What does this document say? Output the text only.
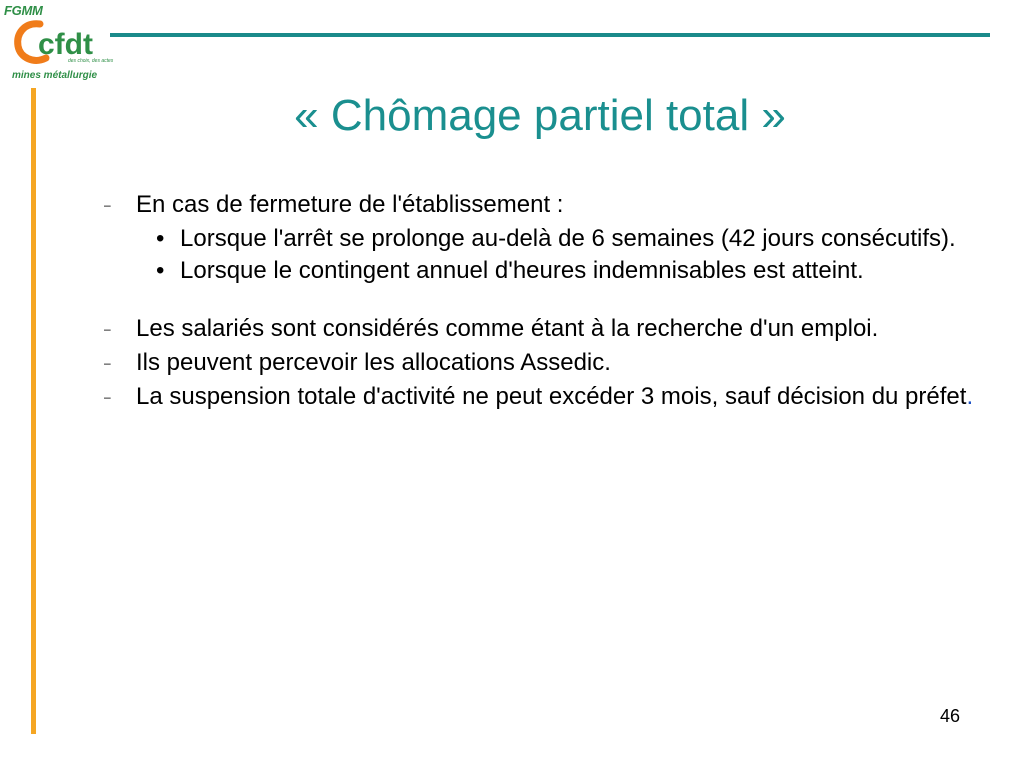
FGMM
cfdt
des choix, des actes
mines métallurgie
« Chômage partiel total »
– En cas de fermeture de l'établissement :
• Lorsque l'arrêt se prolonge au-delà de 6 semaines (42 jours consécutifs).
• Lorsque le contingent annuel d'heures indemnisables est atteint.
– Les salariés sont considérés comme étant à la recherche d'un emploi.
– Ils peuvent percevoir les allocations Assedic.
– La suspension totale d'activité ne peut excéder 3 mois, sauf décision du préfet.
46
